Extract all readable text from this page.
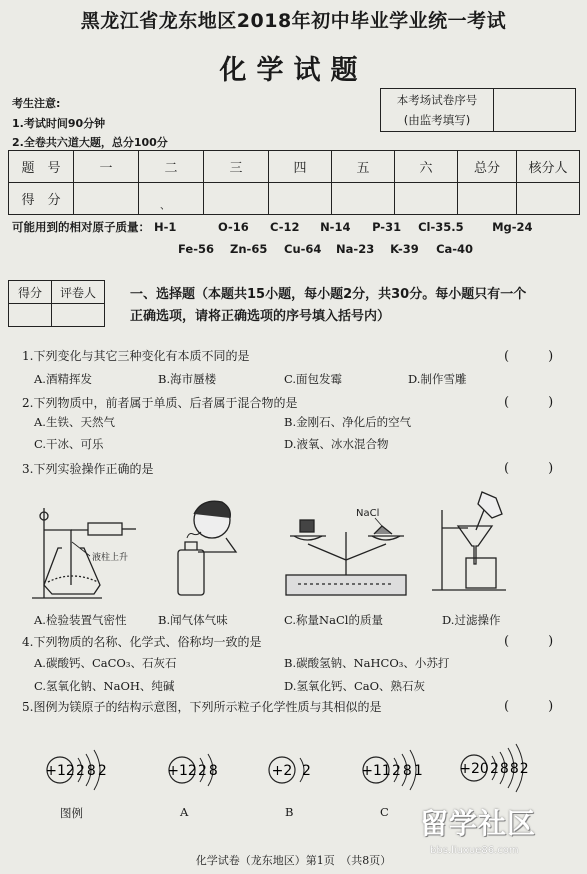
黑龙江省龙东地区2018年初中毕业学业统一考试
化学试题
考生注意:
1.考试时间90分钟
2.全卷共六道大题，总分100分
本考场试卷序号
(由监考填写)
题　号	一	二	三	四	五	六	总分	核分人
得　分		$_、$						
可能用到的相对原子质量： H-1	O-16 C-12 N-14 P-31 Cl-35.5 Mg-24
Fe-56 Zn-65 Cu-64 Na-23 K-39 Ca-40
得分	评卷人
		一、选择题（本题共15小题，每小题2分，共30分。每小题只有一个
正确选项，请将正确选项的序号填入括号内）
1.下列变化与其它三种变化有本质不同的是	(　　　)
A.酒精挥发	B.海市蜃楼	C.面包发霉	D.制作雪雕
2.下列物质中，前者属于单质、后者属于混合物的是	(　　　)
A.生铁、天然气	B.金刚石、净化后的空气
C.干冰、可乐	D.液氧、冰水混合物
3.下列实验操作正确的是	(　　　)
液柱上升
NaCl
A.检验装置气密性	B.闻气体气味	C.称量NaCl的质量	D.过滤操作
4.下列物质的名称、化学式、俗称均一致的是	(　　　)
A.碳酸钙、CaCO₃、石灰石	B.碳酸氢钠、NaHCO₃、小苏打
C.氢氧化钠、NaOH、纯碱	D.氢氧化钙、CaO、熟石灰
5.图例为镁原子的结构示意图，下列所示粒子化学性质与其相似的是	(　　　)
+12 282	+12 28	+2 2	+11 281 +20 2882
图例	A	B	C
化学试卷（龙东地区）第1页　（共8页）
留学社区
bbs.liuxue86.com
